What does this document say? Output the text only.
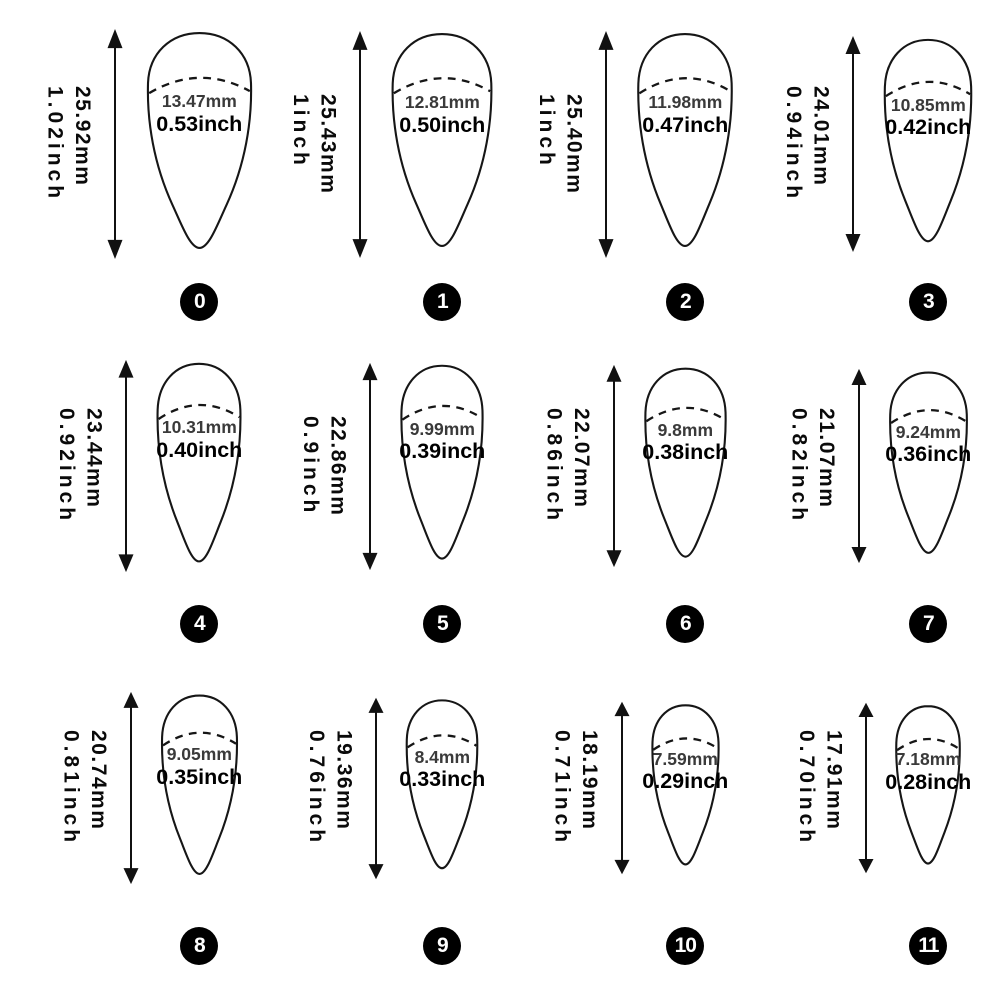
25.92mm
1.02inch	13.47mm
0.53inch
0
25.43mm
1inch	12.81mm
0.50inch
1
25.40mm
1inch	11.98mm
0.47inch
2
24.01mm
0.94inch	10.85mm
0.42inch
3
23.44mm
0.92inch	10.31mm
0.40inch
4
22.86mm
0.9inch	9.99mm
0.39inch
5
22.07mm
0.86inch	9.8mm
0.38inch
6
21.07mm
0.82inch	9.24mm
0.36inch
7
20.74mm
0.81inch	9.05mm
0.35inch
8
19.36mm
0.76inch	8.4mm
0.33inch
9
18.19mm
0.71inch	7.59mm
0.29inch
10
17.91mm
0.70inch	7.18mm
0.28inch
11
